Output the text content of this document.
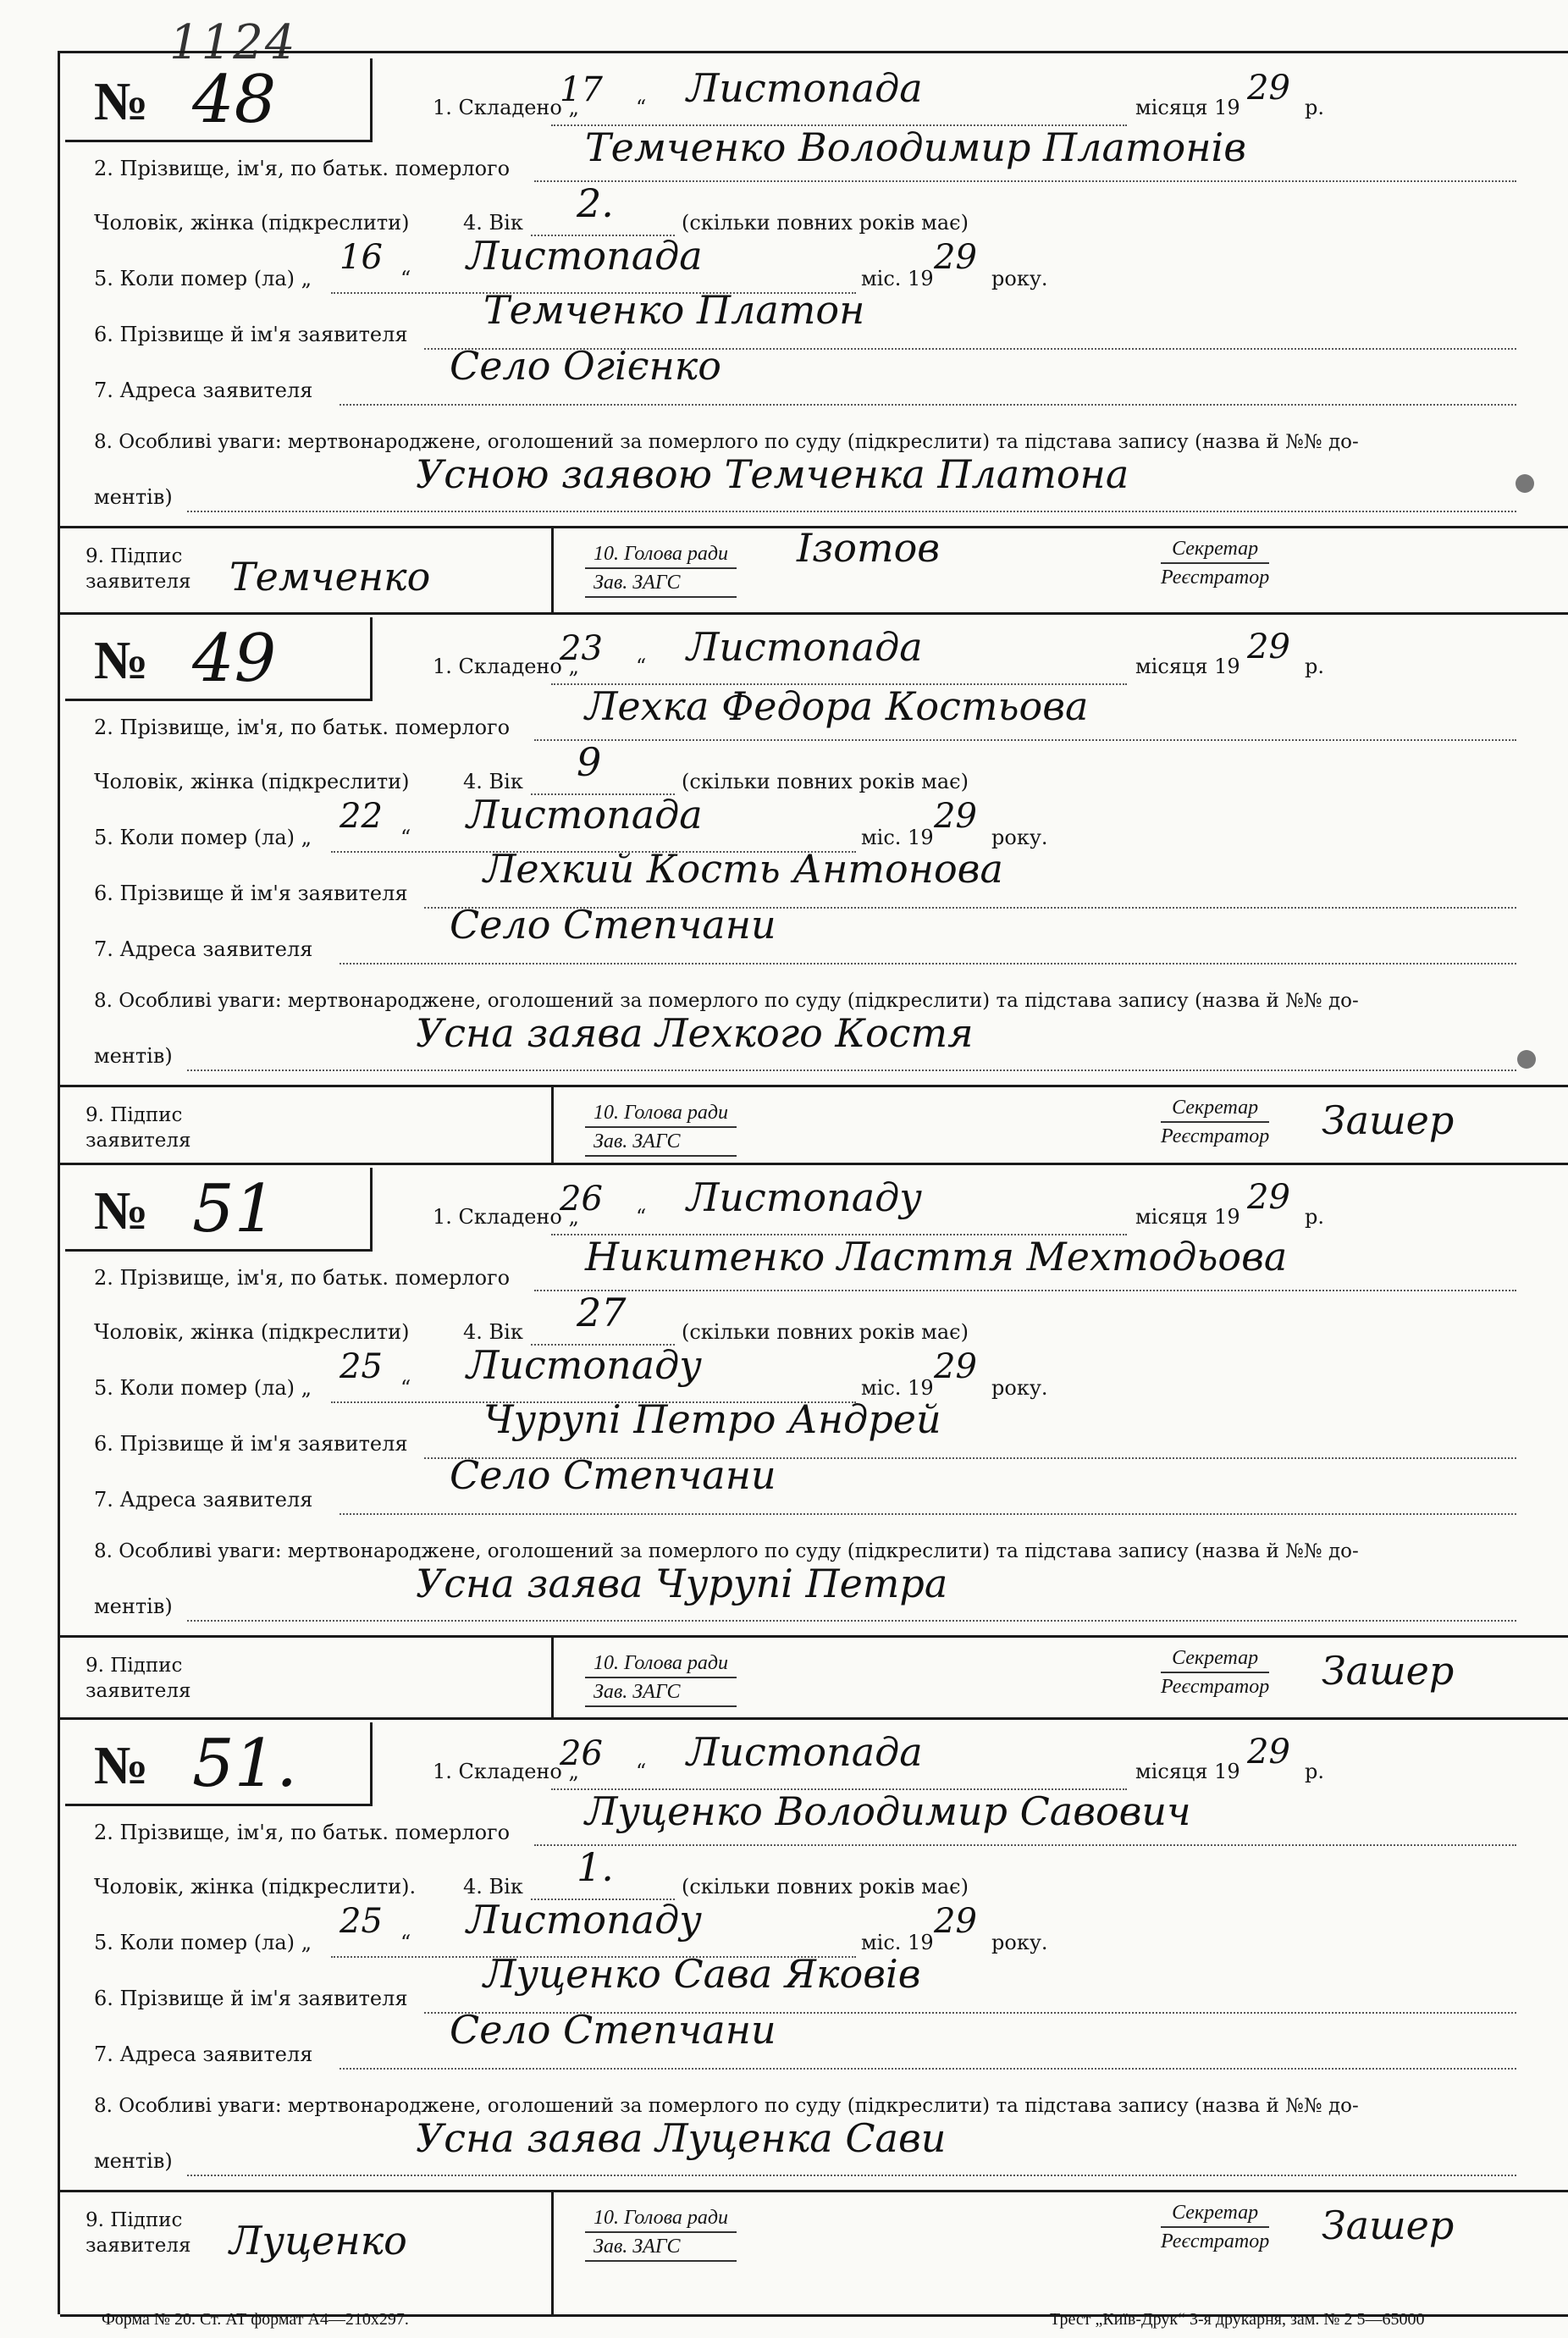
1124
№ 48	1. Складено „
17 “ Листопада	місяця 19 29 р.
2. Прізвище, ім'я, по батьк. померлого Темченко Володимир Платонів
Чоловік, жінка (підкреслити)	4. Вік 2.	(скільки повних років має)
5. Коли помер (ла) „
16
“ Листопада	міс. 19
29
року.
6. Прізвище й ім'я заявителя
Темченко Платон
7. Адреса заявителя
Село Огієнко
8. Особливі уваги: мертвонароджене, оголошений за померлого по суду (підкреслити) та підстава запису (назва й №№ до-
ментів)	Усною заявою Темченка Платона
9. Підпис
заявителя Темченко	10. Голова ради
Зав. ЗАГС
Ізотов	Секретар
Реєстратор
№ 49	1. Складено „
23 “ Листопада	місяця 19 29 р.
2. Прізвище, ім'я, по батьк. померлого Лехка Федора Костьова
Чоловік, жінка (підкреслити)	4. Вік 9	(скільки повних років має)
5. Коли помер (ла) „
22
“ Листопада	міс. 19
29
року.
6. Прізвище й ім'я заявителя
Лехкий Кость Антонова
7. Адреса заявителя
Село Степчани
8. Особливі уваги: мертвонароджене, оголошений за померлого по суду (підкреслити) та підстава запису (назва й №№ до-
ментів)	Усна заява Лехкого Костя
9. Підпис
заявителя
10. Голова ради
Зав. ЗАГС
Секретар
Реєстратор Зашер
№ 51	1. Складено „
26 “ Листопаду	місяця 19 29 р.
2. Прізвище, ім'я, по батьк. померлого Никитенко Ласття Мехтодьова
Чоловік, жінка (підкреслити)	4. Вік 27	(скільки повних років має)
5. Коли помер (ла) „
25
“ Листопаду	міс. 19
29
року.
6. Прізвище й ім'я заявителя
Чурупі Петро Андрей
7. Адреса заявителя
Село Степчани
8. Особливі уваги: мертвонароджене, оголошений за померлого по суду (підкреслити) та підстава запису (назва й №№ до-
ментів)	Усна заява Чурупі Петра
9. Підпис
заявителя
10. Голова ради
Зав. ЗАГС
Секретар
Реєстратор Зашер
№ 51.	1. Складено „
26 “ Листопада	місяця 19 29 р.
2. Прізвище, ім'я, по батьк. померлого Луценко Володимир Савович
Чоловік, жінка (підкреслити). 4. Вік 1.	(скільки повних років має)
5. Коли помер (ла) „
25
“ Листопаду	міс. 19
29
року.
6. Прізвище й ім'я заявителя
Луценко Сава Яковів
7. Адреса заявителя
Село Степчани
8. Особливі уваги: мертвонароджене, оголошений за померлого по суду (підкреслити) та підстава запису (назва й №№ до-
ментів)	Усна заява Луценка Сави
9. Підпис
заявителя Луценко	10. Голова ради
Зав. ЗАГС
Секретар
Реєстратор Зашер
Форма № 20. Ст. АТ формат А4—210х297.	Трест „Київ-Друк“ 3-я друкарня, зам. № 2 5—65000
